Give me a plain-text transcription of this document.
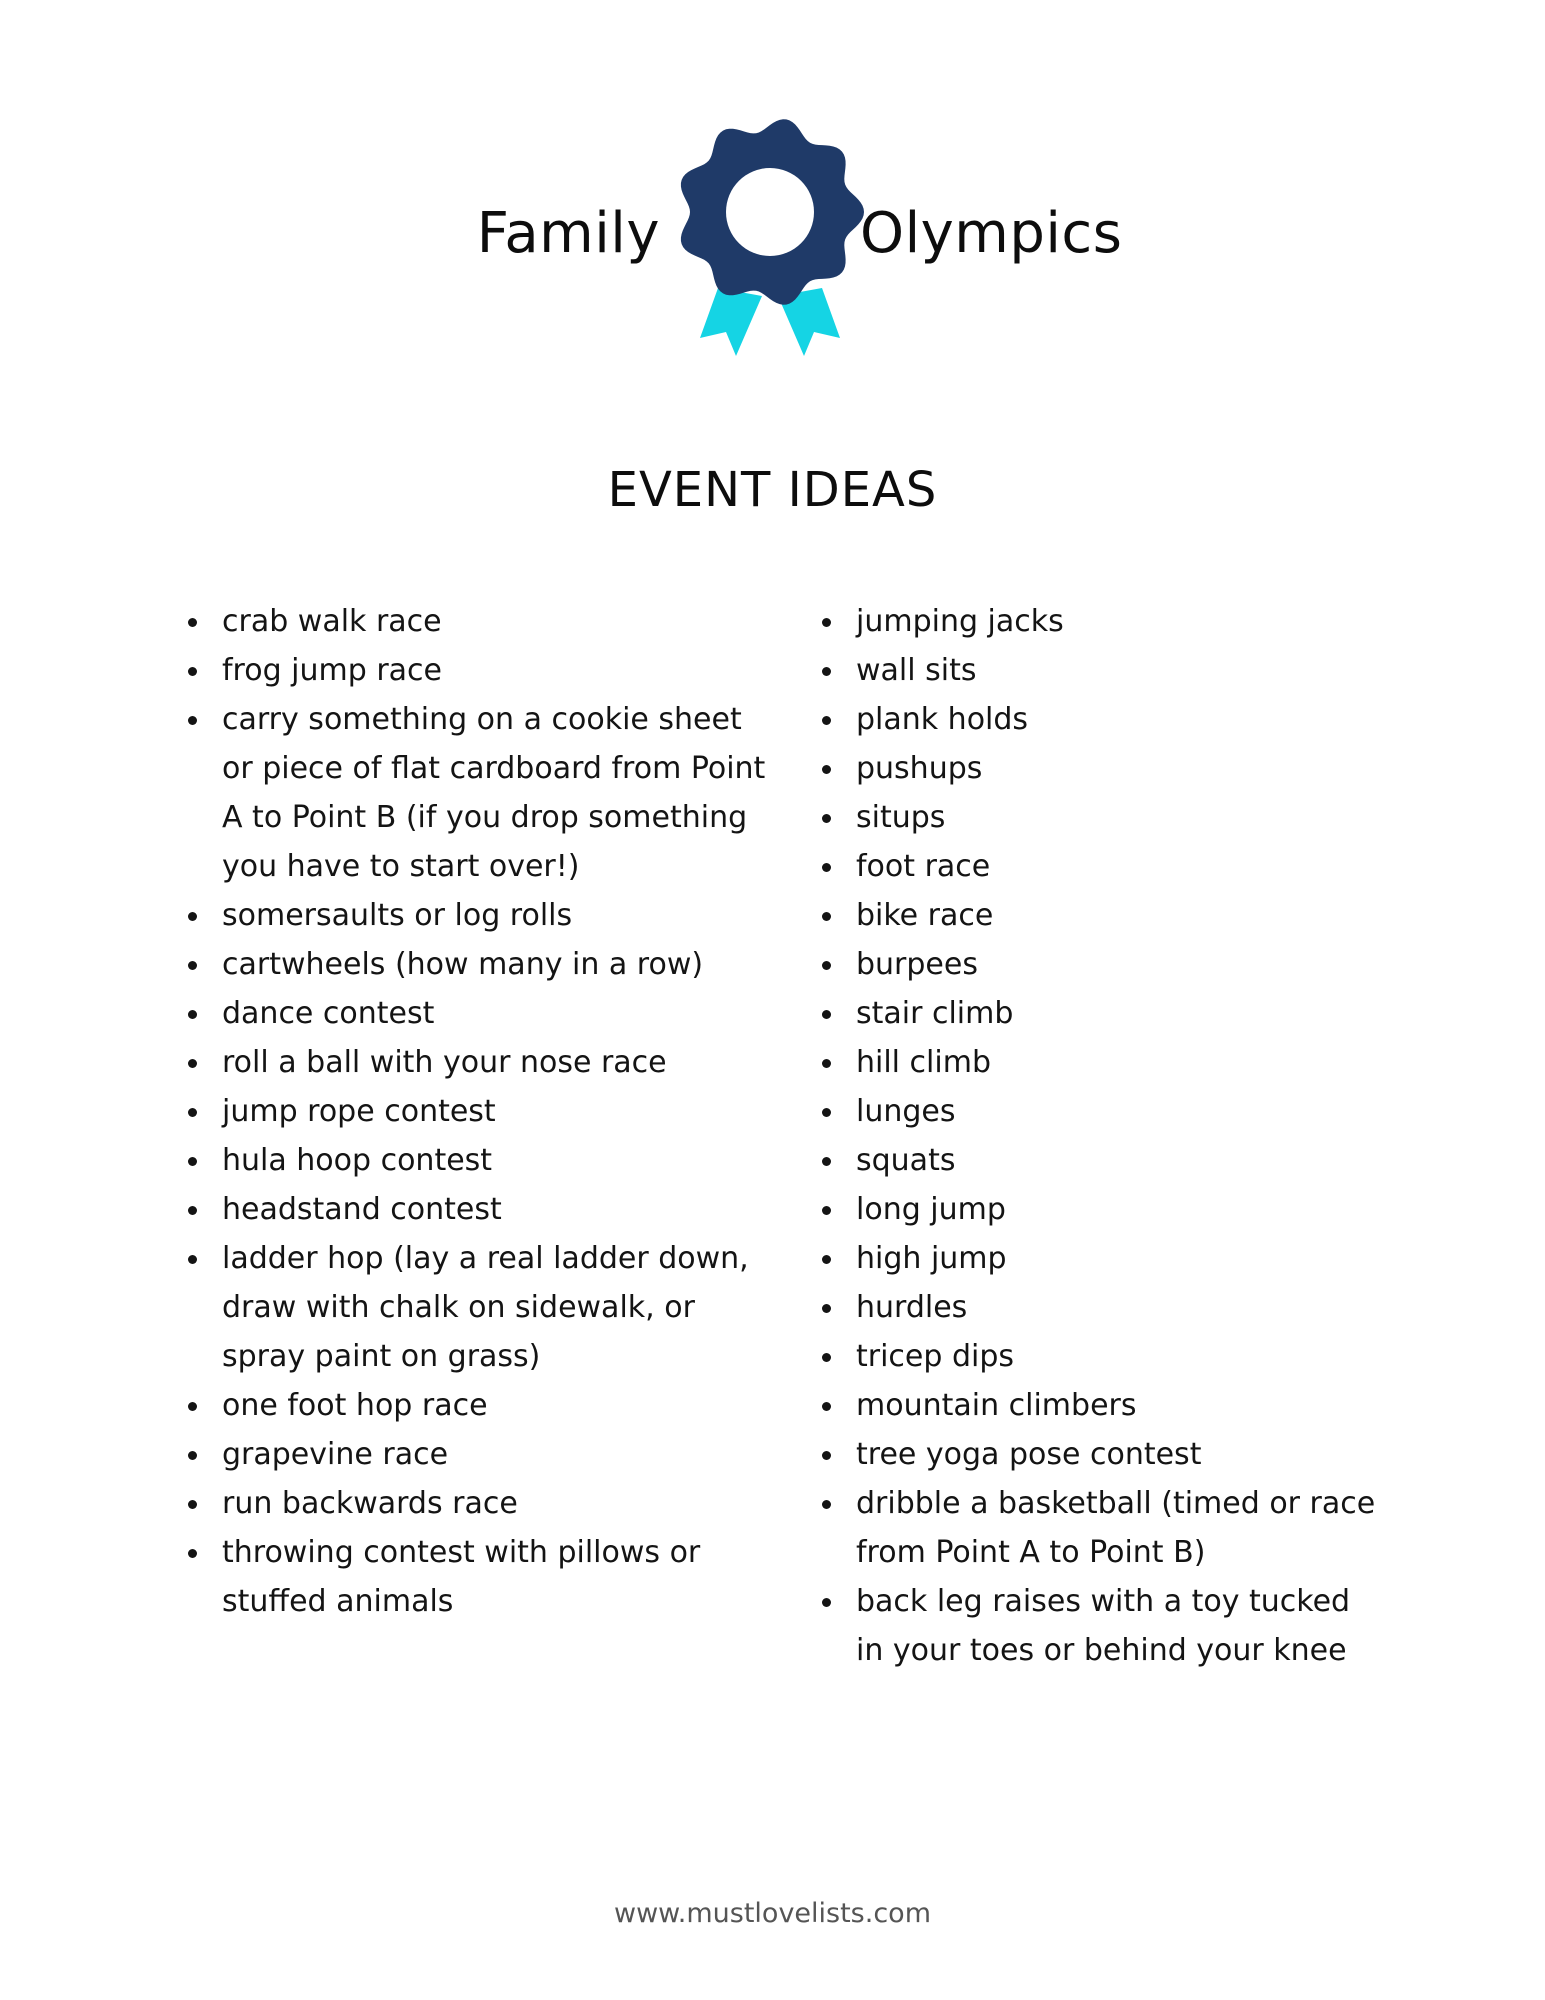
Family	Olympics
EVENT IDEAS
crab walk race
frog jump race
carry something on a cookie sheet or piece of flat cardboard from Point A to Point B (if you drop something you have to start over!)
somersaults or log rolls
cartwheels (how many in a row)
dance contest
roll a ball with your nose race
jump rope contest
hula hoop contest
headstand contest
ladder hop (lay a real ladder down, draw with chalk on sidewalk, or spray paint on grass)
one foot hop race
grapevine race
run backwards race
throwing contest with pillows or stuffed animals
jumping jacks
wall sits
plank holds
pushups
situps
foot race
bike race
burpees
stair climb
hill climb
lunges
squats
long jump
high jump
hurdles
tricep dips
mountain climbers
tree yoga pose contest
dribble a basketball (timed or race from Point A to Point B)
back leg raises with a toy tucked in your toes or behind your knee
www.mustlovelists.com
